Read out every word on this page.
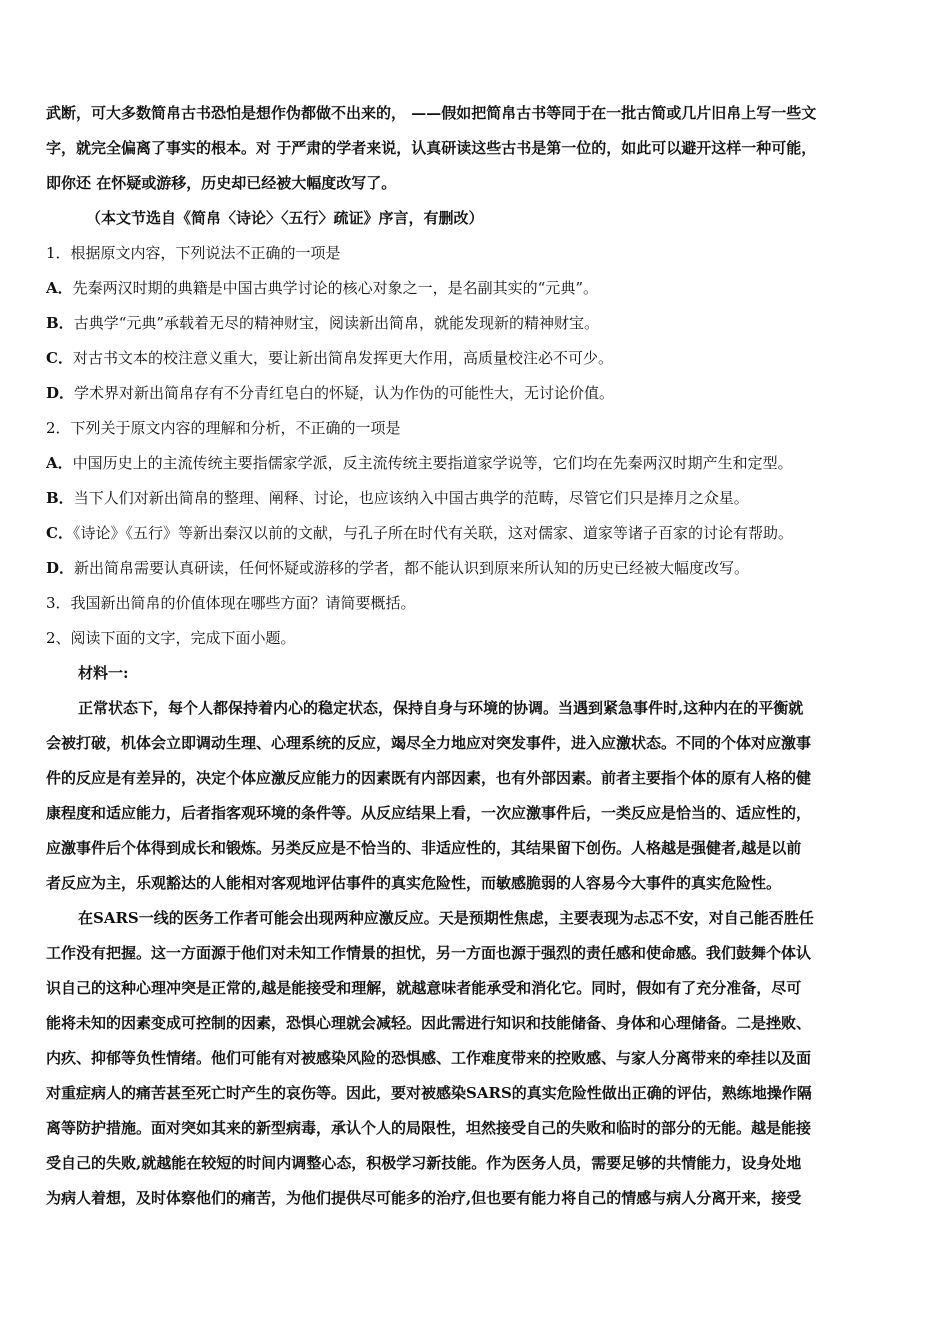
武断，可大多数简帛古书恐怕是想作伪都做不出来的， ——假如把简帛古书等同于在一批古简或几片旧帛上写一些文
字，就完全偏离了事实的根本。对 于严肃的学者来说，认真研读这些古书是第一位的，如此可以避开这样一种可能，
即你还 在怀疑或游移，历史却已经被大幅度改写了。
（本文节选自《简帛〈诗论〉〈五行〉疏证》序言，有删改）
1．根据原文内容，下列说法不正确的一项是
A．先秦两汉时期的典籍是中国古典学讨论的核心对象之一，是名副其实的“元典”。
B．古典学“元典”承载着无尽的精神财宝，阅读新出简帛，就能发现新的精神财宝。
C．对古书文本的校注意义重大，要让新出简帛发挥更大作用，高质量校注必不可少。
D．学术界对新出简帛存有不分青红皂白的怀疑，认为作伪的可能性大，无讨论价值。
2．下列关于原文内容的理解和分析，不正确的一项是
A．中国历史上的主流传统主要指儒家学派，反主流传统主要指道家学说等，它们均在先秦两汉时期产生和定型。
B．当下人们对新出简帛的整理、阐释、讨论，也应该纳入中国古典学的范畴，尽管它们只是捧月之众星。
C．《诗论》《五行》等新出秦汉以前的文献，与孔子所在时代有关联，这对儒家、道家等诸子百家的讨论有帮助。
D．新出简帛需要认真研读，任何怀疑或游移的学者，都不能认识到原来所认知的历史已经被大幅度改写。
3．我国新出简帛的价值体现在哪些方面？请简要概括。
2、阅读下面的文字，完成下面小题。
材料一:
正常状态下，每个人都保持着内心的稳定状态，保持自身与环境的协调。当遇到紧急事件时,这种内在的平衡就
会被打破，机体会立即调动生理、心理系统的反应，竭尽全力地应对突发事件，进入应激状态。不同的个体对应激事
件的反应是有差异的，决定个体应激反应能力的因素既有内部因素，也有外部因素。前者主要指个体的原有人格的健
康程度和适应能力，后者指客观环境的条件等。从反应结果上看，一次应激事件后，一类反应是恰当的、适应性的，
应激事件后个体得到成长和锻炼。另类反应是不恰当的、非适应性的，其结果留下创伤。人格越是强健者,越是以前
者反应为主，乐观豁达的人能相对客观地评估事件的真实危险性，而敏感脆弱的人容易今大事件的真实危险性。
在SARS一线的医务工作者可能会出现两种应激反应。天是预期性焦虑，主要表现为忐忑不安，对自己能否胜任
工作没有把握。这一方面源于他们对未知工作情景的担忧，另一方面也源于强烈的责任感和使命感。我们鼓舞个体认
识自己的这种心理冲突是正常的,越是能接受和理解，就越意味者能承受和消化它。同时，假如有了充分准备，尽可
能将未知的因素变成可控制的因素，恐惧心理就会减轻。因此需进行知识和技能储备、身体和心理储备。二是挫败、
内疚、抑郁等负性情绪。他们可能有对被感染风险的恐惧感、工作难度带来的控败感、与家人分离带来的牵挂以及面
对重症病人的痛苦甚至死亡时产生的哀伤等。因此，要对被感染SARS的真实危险性做出正确的评估，熟练地操作隔
离等防护措施。面对突如其来的新型病毒，承认个人的局限性，坦然接受自己的失败和临时的部分的无能。越是能接
受自己的失败,就越能在较短的时间内调整心态，积极学习新技能。作为医务人员，需要足够的共情能力，设身处地
为病人着想，及时体察他们的痛苦，为他们提供尽可能多的治疗,但也要有能力将自己的情感与病人分离开来，接受
